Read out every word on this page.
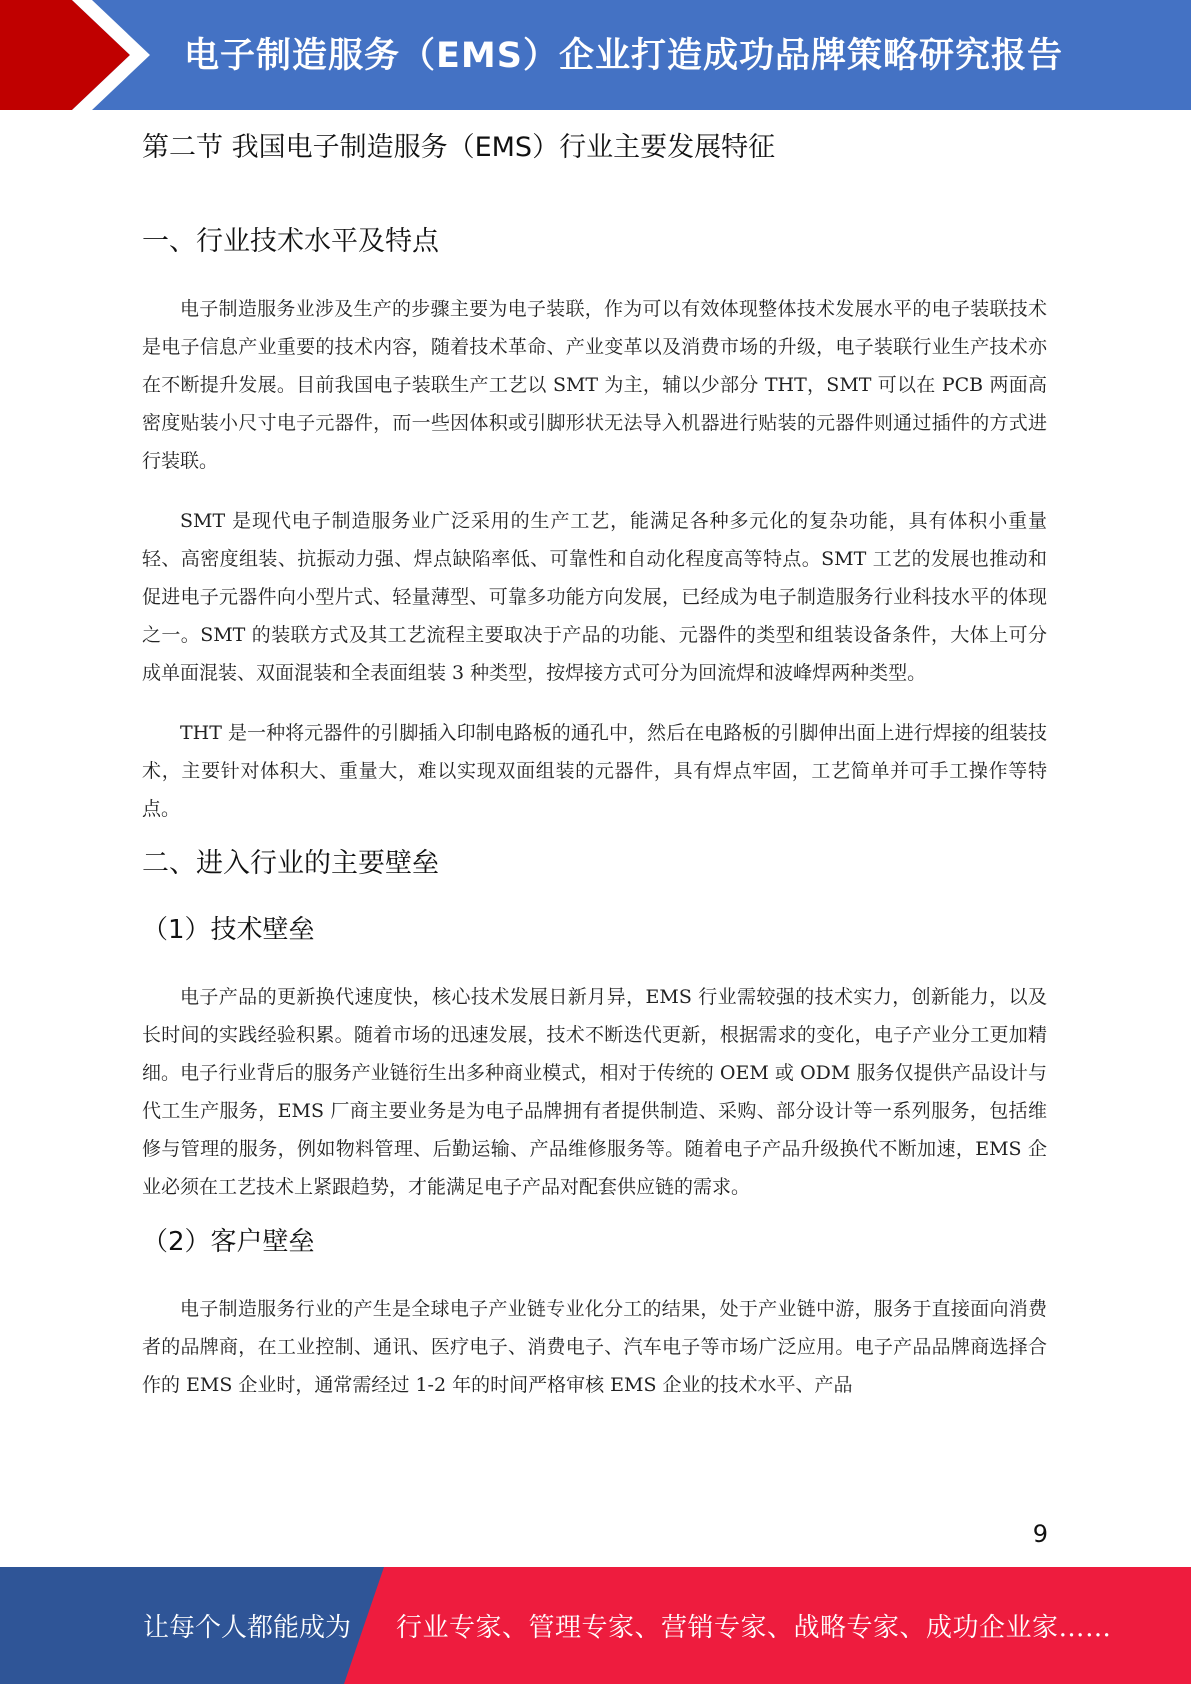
电子制造服务（EMS）企业打造成功品牌策略研究报告
第二节 我国电子制造服务（EMS）行业主要发展特征
一、行业技术水平及特点

电子制造服务业涉及生产的步骤主要为电子装联，作为可以有效体现整体技术发展水平的电子装联技术是电子信息产业重要的技术内容，随着技术革命、产业变革以及消费市场的升级，电子装联行业生产技术亦在不断提升发展。目前我国电子装联生产工艺以 SMT 为主，辅以少部分 THT，SMT 可以在 PCB 两面高密度贴装小尺寸电子元器件，而一些因体积或引脚形状无法导入机器进行贴装的元器件则通过插件的方式进行装联。

SMT 是现代电子制造服务业广泛采用的生产工艺，能满足各种多元化的复杂功能，具有体积小重量轻、高密度组装、抗振动力强、焊点缺陷率低、可靠性和自动化程度高等特点。SMT 工艺的发展也推动和促进电子元器件向小型片式、轻量薄型、可靠多功能方向发展，已经成为电子制造服务行业科技水平的体现之一。SMT 的装联方式及其工艺流程主要取决于产品的功能、元器件的类型和组装设备条件，大体上可分成单面混装、双面混装和全表面组装 3 种类型，按焊接方式可分为回流焊和波峰焊两种类型。

THT 是一种将元器件的引脚插入印制电路板的通孔中，然后在电路板的引脚伸出面上进行焊接的组装技术，主要针对体积大、重量大，难以实现双面组装的元器件，具有焊点牢固，工艺简单并可手工操作等特点。

二、进入行业的主要壁垒
（1）技术壁垒

电子产品的更新换代速度快，核心技术发展日新月异，EMS 行业需较强的技术实力，创新能力，以及长时间的实践经验积累。随着市场的迅速发展，技术不断迭代更新，根据需求的变化，电子产业分工更加精细。电子行业背后的服务产业链衍生出多种商业模式，相对于传统的 OEM 或 ODM 服务仅提供产品设计与代工生产服务，EMS 厂商主要业务是为电子品牌拥有者提供制造、采购、部分设计等一系列服务，包括维修与管理的服务，例如物料管理、后勤运输、产品维修服务等。随着电子产品升级换代不断加速，EMS 企业必须在工艺技术上紧跟趋势，才能满足电子产品对配套供应链的需求。

（2）客户壁垒

电子制造服务行业的产生是全球电子产业链专业化分工的结果，处于产业链中游，服务于直接面向消费者的品牌商，在工业控制、通讯、医疗电子、消费电子、汽车电子等市场广泛应用。电子产品品牌商选择合作的 EMS 企业时，通常需经过 1-2 年的时间严格审核 EMS 企业的技术水平、产品

9
让每个人都能成为 行业专家、管理专家、营销专家、战略专家、成功企业家……
